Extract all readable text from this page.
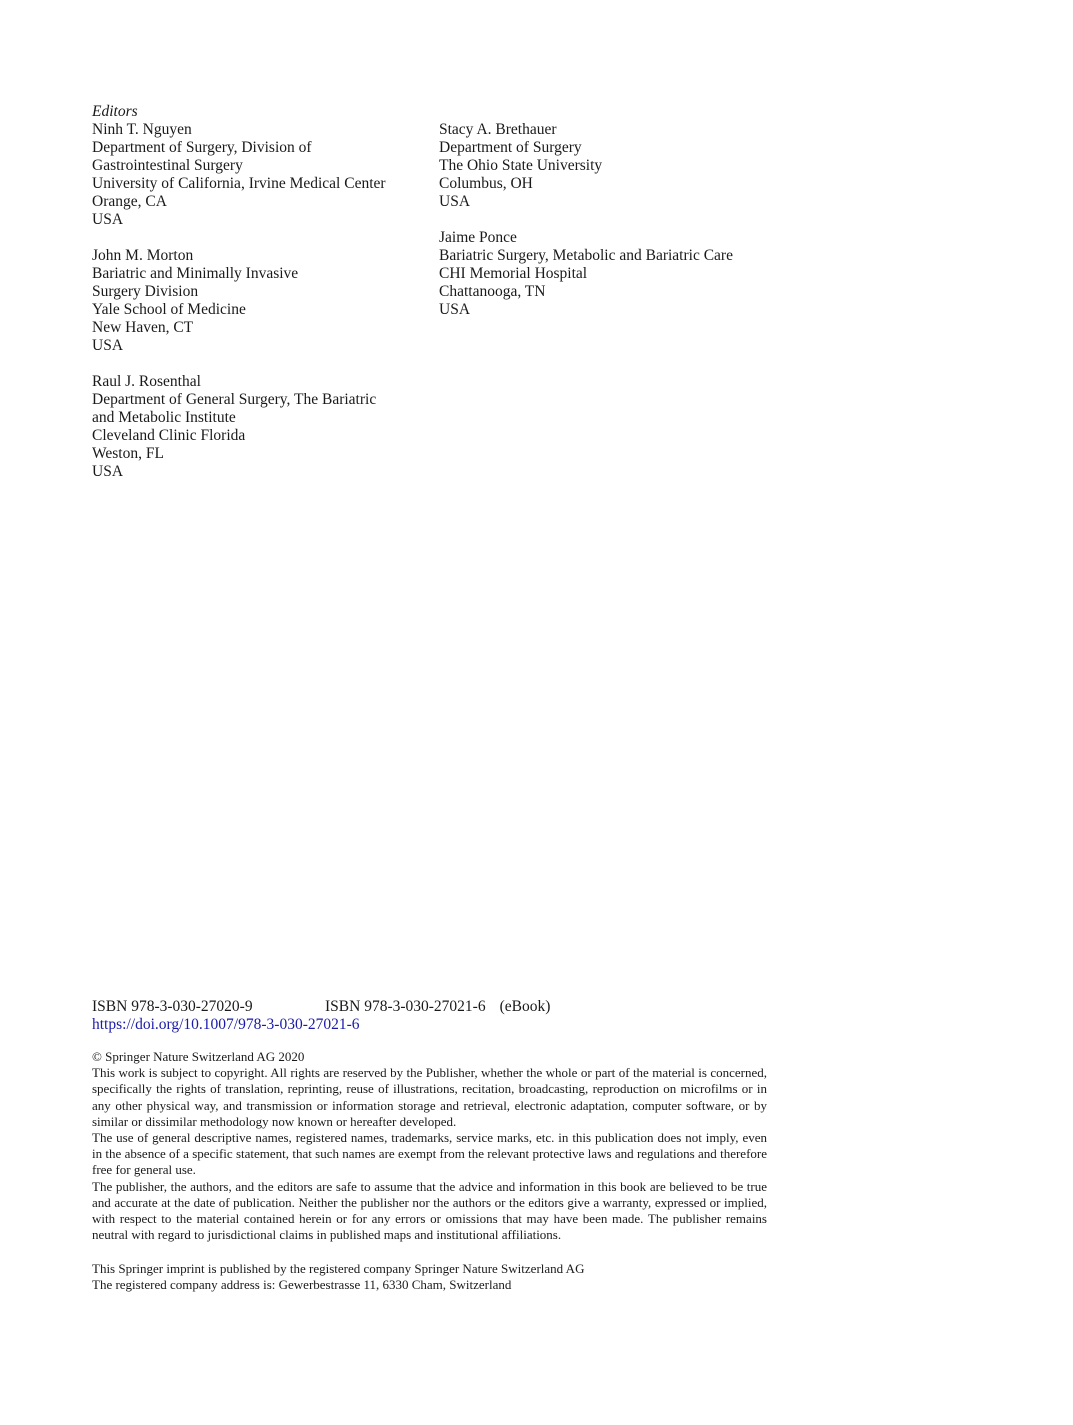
Editors
Ninh T. Nguyen
Department of Surgery, Division of
Gastrointestinal Surgery
University of California, Irvine Medical Center
Orange, CA
USA
John M. Morton
Bariatric and Minimally Invasive
Surgery Division
Yale School of Medicine
New Haven, CT
USA
Raul J. Rosenthal
Department of General Surgery, The Bariatric
and Metabolic Institute
Cleveland Clinic Florida
Weston, FL
USA
Stacy A. Brethauer
Department of Surgery
The Ohio State University
Columbus, OH
USA
Jaime Ponce
Bariatric Surgery, Metabolic and Bariatric Care
CHI Memorial Hospital
Chattanooga, TN
USA
ISBN 978-3-030-27020-9	ISBN 978-3-030-27021-6 (eBook)
https://doi.org/10.1007/978-3-030-27021-6

© Springer Nature Switzerland AG 2020

This work is subject to copyright. All rights are reserved by the Publisher, whether the whole or part of the material is concerned, specifically the rights of translation, reprinting, reuse of illustrations, recitation, broadcasting, reproduction on microfilms or in any other physical way, and transmission or information storage and retrieval, electronic adaptation, computer software, or by similar or dissimilar methodology now known or hereafter developed.

The use of general descriptive names, registered names, trademarks, service marks, etc. in this publication does not imply, even in the absence of a specific statement, that such names are exempt from the relevant protective laws and regulations and therefore free for general use.

The publisher, the authors, and the editors are safe to assume that the advice and information in this book are believed to be true and accurate at the date of publication. Neither the publisher nor the authors or the editors give a warranty, expressed or implied, with respect to the material contained herein or for any errors or omissions that may have been made. The publisher remains neutral with regard to jurisdictional claims in published maps and institutional affiliations.

This Springer imprint is published by the registered company Springer Nature Switzerland AG

The registered company address is: Gewerbestrasse 11, 6330 Cham, Switzerland
